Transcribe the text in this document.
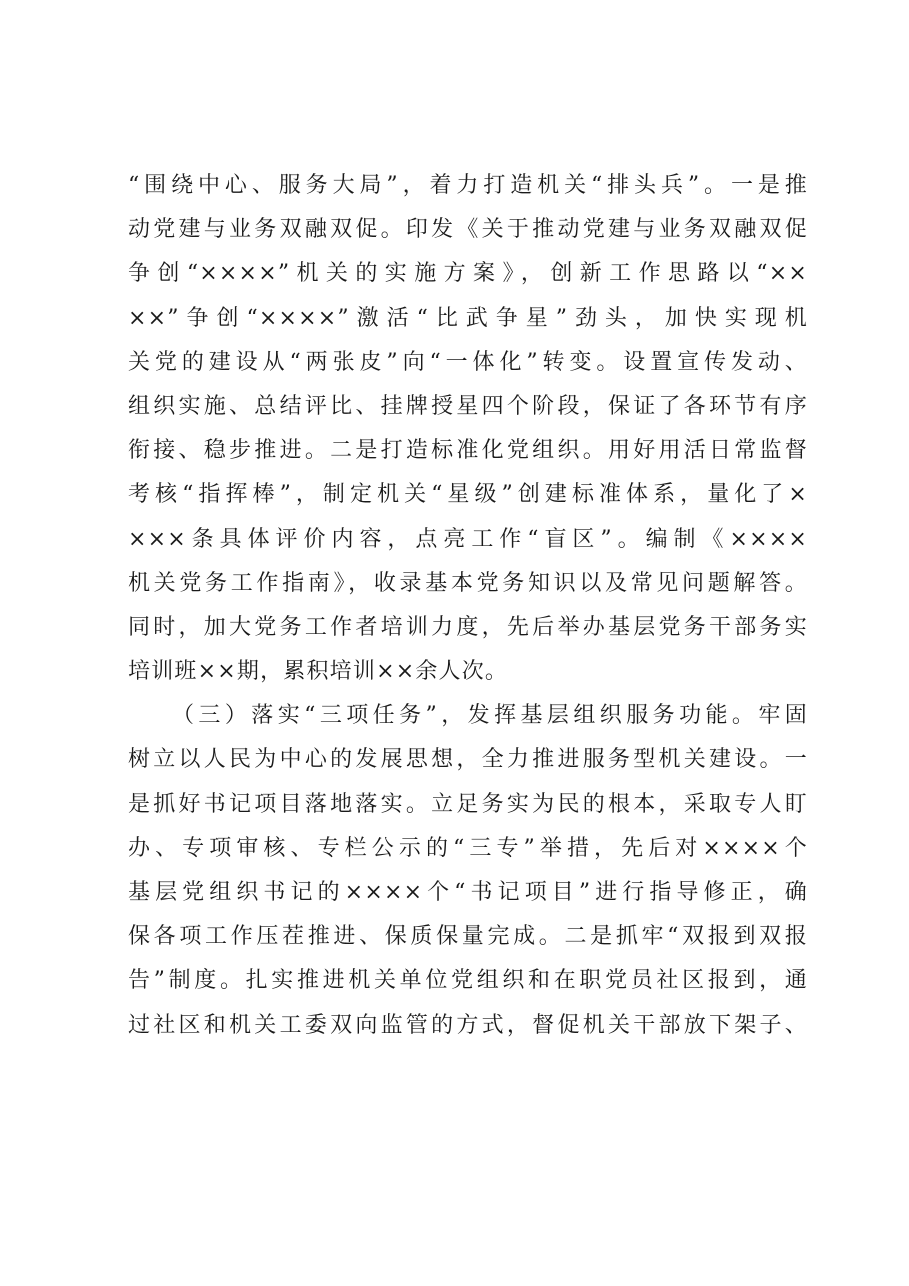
“围绕中心、服务大局”，着力打造机关“排头兵”。一是推
动党建与业务双融双促。印发《关于推动党建与业务双融双促
争创“××××”机关的实施方案》，创新工作思路以“××
××”争创“××××”激活“比武争星”劲头，加快实现机
关党的建设从“两张皮”向“一体化”转变。设置宣传发动、
组织实施、总结评比、挂牌授星四个阶段，保证了各环节有序
衔接、稳步推进。二是打造标准化党组织。用好用活日常监督
考核“指挥棒”，制定机关“星级”创建标准体系，量化了×
×××条具体评价内容，点亮工作“盲区”。编制《××××
机关党务工作指南》，收录基本党务知识以及常见问题解答。
同时，加大党务工作者培训力度，先后举办基层党务干部务实
培训班××期，累积培训××余人次。
（三）落实“三项任务”，发挥基层组织服务功能。牢固
树立以人民为中心的发展思想，全力推进服务型机关建设。一
是抓好书记项目落地落实。立足务实为民的根本，采取专人盯
办、专项审核、专栏公示的“三专”举措，先后对××××个
基层党组织书记的××××个“书记项目”进行指导修正，确
保各项工作压茬推进、保质保量完成。二是抓牢“双报到双报
告”制度。扎实推进机关单位党组织和在职党员社区报到，通
过社区和机关工委双向监管的方式，督促机关干部放下架子、
